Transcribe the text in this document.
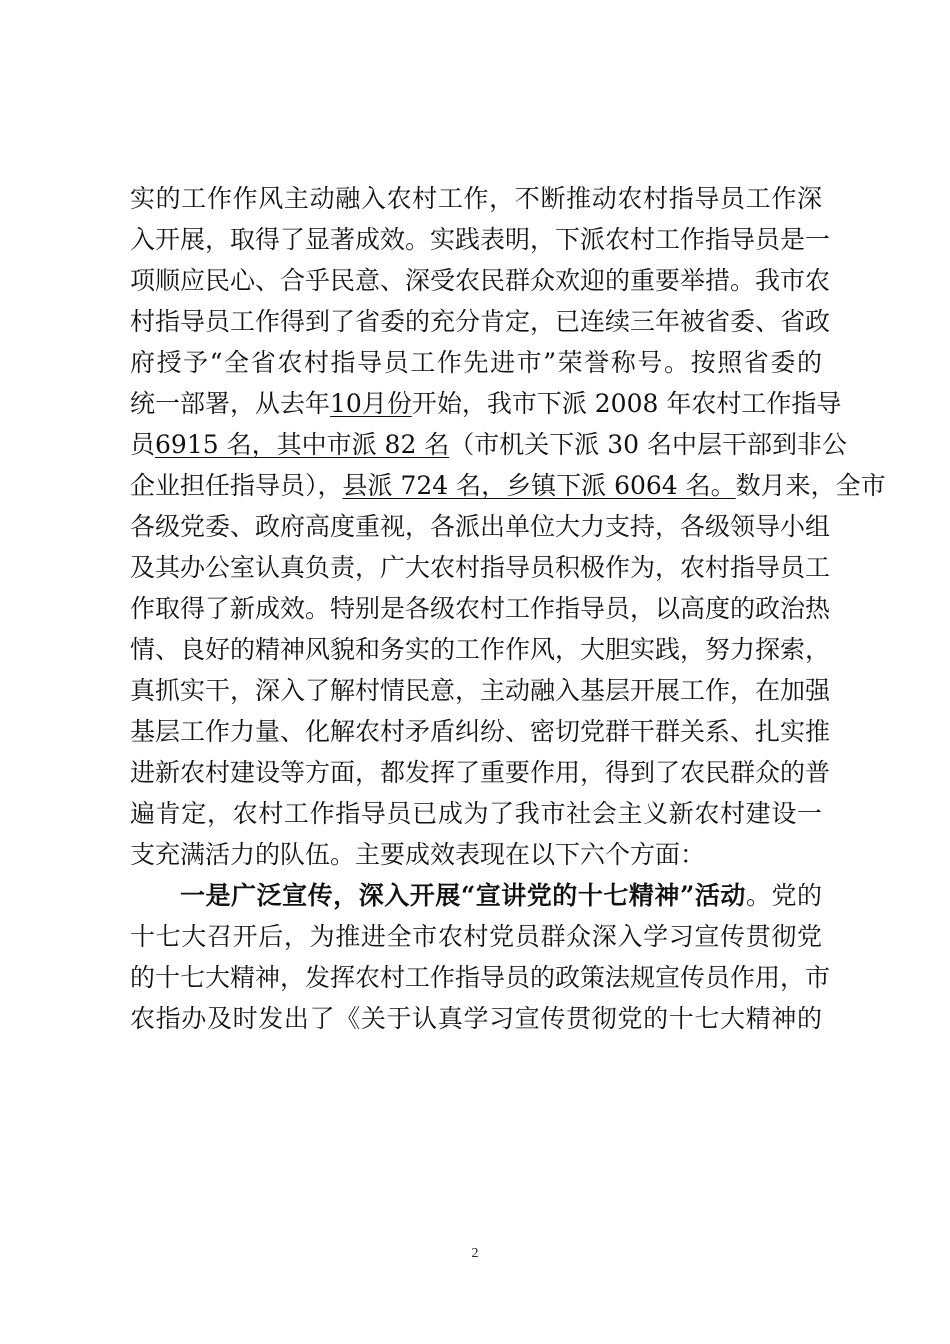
实的工作作风主动融入农村工作，不断推动农村指导员工作深
入开展，取得了显著成效。实践表明，下派农村工作指导员是一
项顺应民心、合乎民意、深受农民群众欢迎的重要举措。我市农
村指导员工作得到了省委的充分肯定，已连续三年被省委、省政
府授予“全省农村指导员工作先进市”荣誉称号。按照省委的
统一部署，从去年10月份开始，我市下派 2008 年农村工作指导
员6915 名，其中市派 82 名（市机关下派 30 名中层干部到非公
企业担任指导员），县派 724 名，乡镇下派 6064 名。数月来，全市
各级党委、政府高度重视，各派出单位大力支持，各级领导小组
及其办公室认真负责，广大农村指导员积极作为，农村指导员工
作取得了新成效。特别是各级农村工作指导员，以高度的政治热
情、良好的精神风貌和务实的工作作风，大胆实践，努力探索，
真抓实干，深入了解村情民意，主动融入基层开展工作，在加强
基层工作力量、化解农村矛盾纠纷、密切党群干群关系、扎实推
进新农村建设等方面，都发挥了重要作用，得到了农民群众的普
遍肯定，农村工作指导员已成为了我市社会主义新农村建设一
支充满活力的队伍。主要成效表现在以下六个方面：
一是广泛宣传，深入开展“宣讲党的十七精神”活动。党的
十七大召开后，为推进全市农村党员群众深入学习宣传贯彻党
的十七大精神，发挥农村工作指导员的政策法规宣传员作用，市
农指办及时发出了《关于认真学习宣传贯彻党的十七大精神的
2
